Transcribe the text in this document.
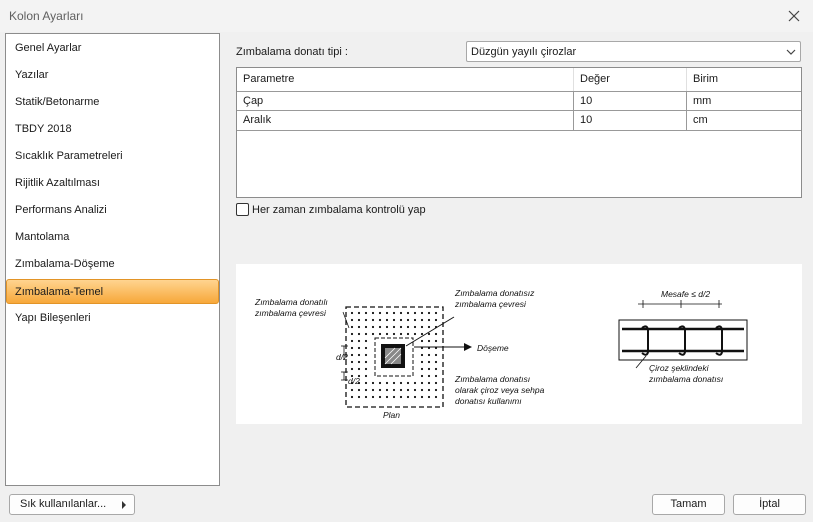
Kolon Ayarları
Genel Ayarlar
Yazılar
Statik/Betonarme
TBDY 2018
Sıcaklık Parametreleri
Rijitlik Azaltılması
Performans Analizi
Mantolama
Zımbalama-Döşeme
Zımbalama-Temel
Yapı Bileşenleri
Zımbalama donatı tipi :	Düzgün yayılı çirozlar
Parametre	Değer	Birim
Çap	10	mm
Aralık	10	cm
Her zaman zımbalama kontrolü yap
Zımbalama donatılı
zımbalama çevresi
Zımbalama donatısız
zımbalama çevresi
Döşeme
d/2
d/2
Plan
Zımbalama donatısı
olarak çiroz veya sehpa
donatısı kullanımı
Mesafe ≤ d/2
Çiroz şeklindeki
zımbalama donatısı
Sık kullanılanlar...	Tamam	İptal
